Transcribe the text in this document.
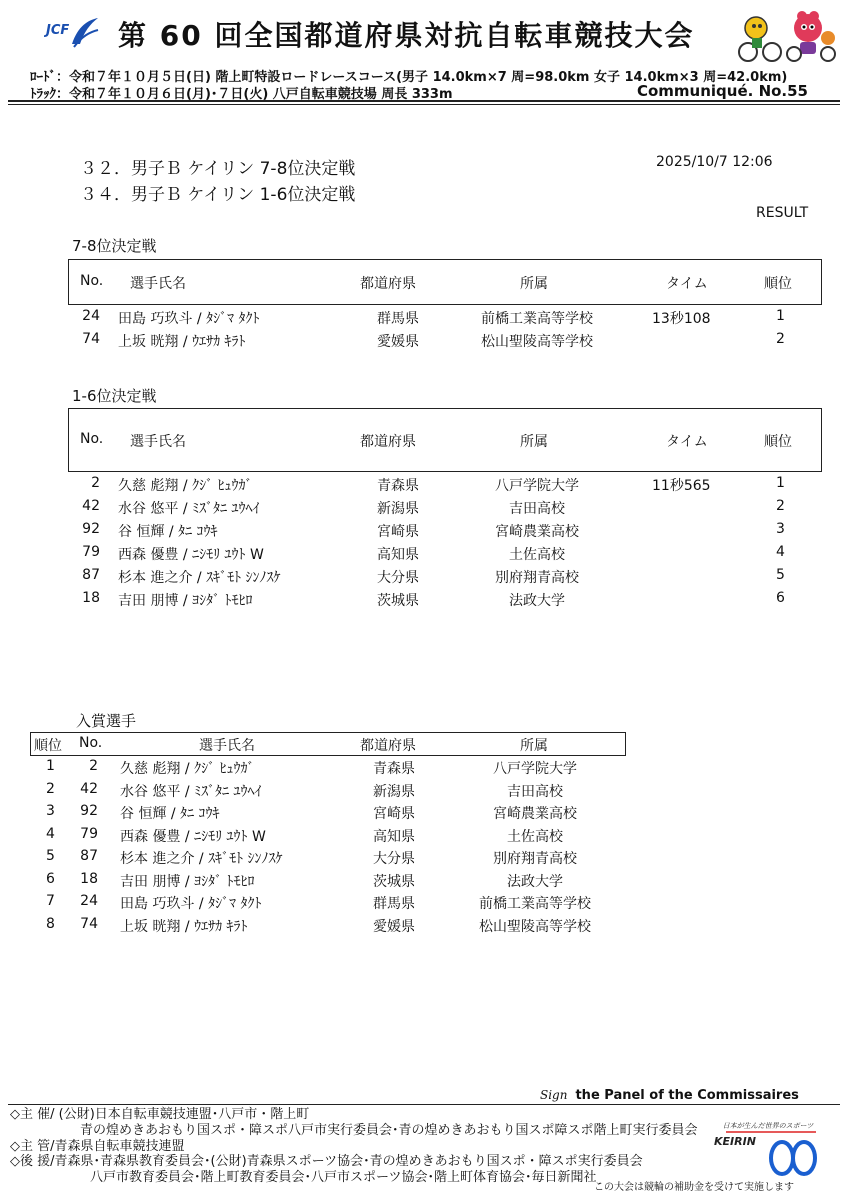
JCF 第 60 回全国都道府県対抗自転車競技大会
ﾛｰﾄﾞ：令和７年１０月５日(日) 階上町特設ロードレースコース(男子 14.0km×7 周=98.0km 女子 14.0km×3 周=42.0km)
ﾄﾗｯｸ：令和７年１０月６日(月)･７日(火) 八戸自転車競技場 周長 333m	Communiqué. No.55
３２．男子Ｂ ケイリン 7-8位決定戦
３４．男子Ｂ ケイリン 1-6位決定戦
2025/10/7 12:06
RESULT
7-8位決定戦
No. 選手氏名	都道府県	所属	タイム	順位
24 田島 巧玖斗 / ﾀｼﾞﾏ ﾀｸﾄ	群馬県	前橋工業高等学校	13秒108	1
74 上坂 晄翔 / ｳｴｻｶ ｷﾗﾄ	愛媛県	松山聖陵高等学校	2
1-6位決定戦
No. 選手氏名	都道府県	所属	タイム	順位
2 久慈 彪翔 / ｸｼﾞ ﾋｭｳｶﾞ	青森県	八戸学院大学	11秒565	1
42 水谷 悠平 / ﾐｽﾞﾀﾆ ﾕｳﾍｲ	新潟県	吉田高校	2
92 谷 恒輝 / ﾀﾆ ｺｳｷ	宮崎県	宮崎農業高校	3
79 西森 優豊 / ﾆｼﾓﾘ ﾕｳﾄ W	高知県	土佐高校	4
87 杉本 進之介 / ｽｷﾞﾓﾄ ｼﾝﾉｽｹ	大分県	別府翔青高校	5
18 吉田 朋博 / ﾖｼﾀﾞ ﾄﾓﾋﾛ	茨城県	法政大学	6
入賞選手
順位 No.	選手氏名	都道府県	所属
1	2 久慈 彪翔 / ｸｼﾞ ﾋｭｳｶﾞ	青森県	八戸学院大学
2	42 水谷 悠平 / ﾐｽﾞﾀﾆ ﾕｳﾍｲ	新潟県	吉田高校
3	92 谷 恒輝 / ﾀﾆ ｺｳｷ	宮崎県	宮崎農業高校
4	79 西森 優豊 / ﾆｼﾓﾘ ﾕｳﾄ W	高知県	土佐高校
5	87 杉本 進之介 / ｽｷﾞﾓﾄ ｼﾝﾉｽｹ	大分県	別府翔青高校
6	18 吉田 朋博 / ﾖｼﾀﾞ ﾄﾓﾋﾛ	茨城県	法政大学
7	24 田島 巧玖斗 / ﾀｼﾞﾏ ﾀｸﾄ	群馬県	前橋工業高等学校
8	74 上坂 晄翔 / ｳｴｻｶ ｷﾗﾄ	愛媛県	松山聖陵高等学校
Sign the Panel of the Commissaires
◇主 催/ (公財)日本自転車競技連盟･八戸市・階上町
青の煌めきあおもり国スポ・障スポ八戸市実行委員会･青の煌めきあおもり国スポ障スポ階上町実行委員会
◇主 管/青森県自転車競技連盟
◇後 援/青森県･青森県教育委員会･(公財)青森県スポーツ協会･青の煌めきあおもり国スポ・障スポ実行委員会
八戸市教育委員会･階上町教育委員会･八戸市スポーツ協会･階上町体育協会･毎日新聞社
日本が生んだ世界のスポーツ
KEIRIN
この大会は競輪の補助金を受けて実施します
